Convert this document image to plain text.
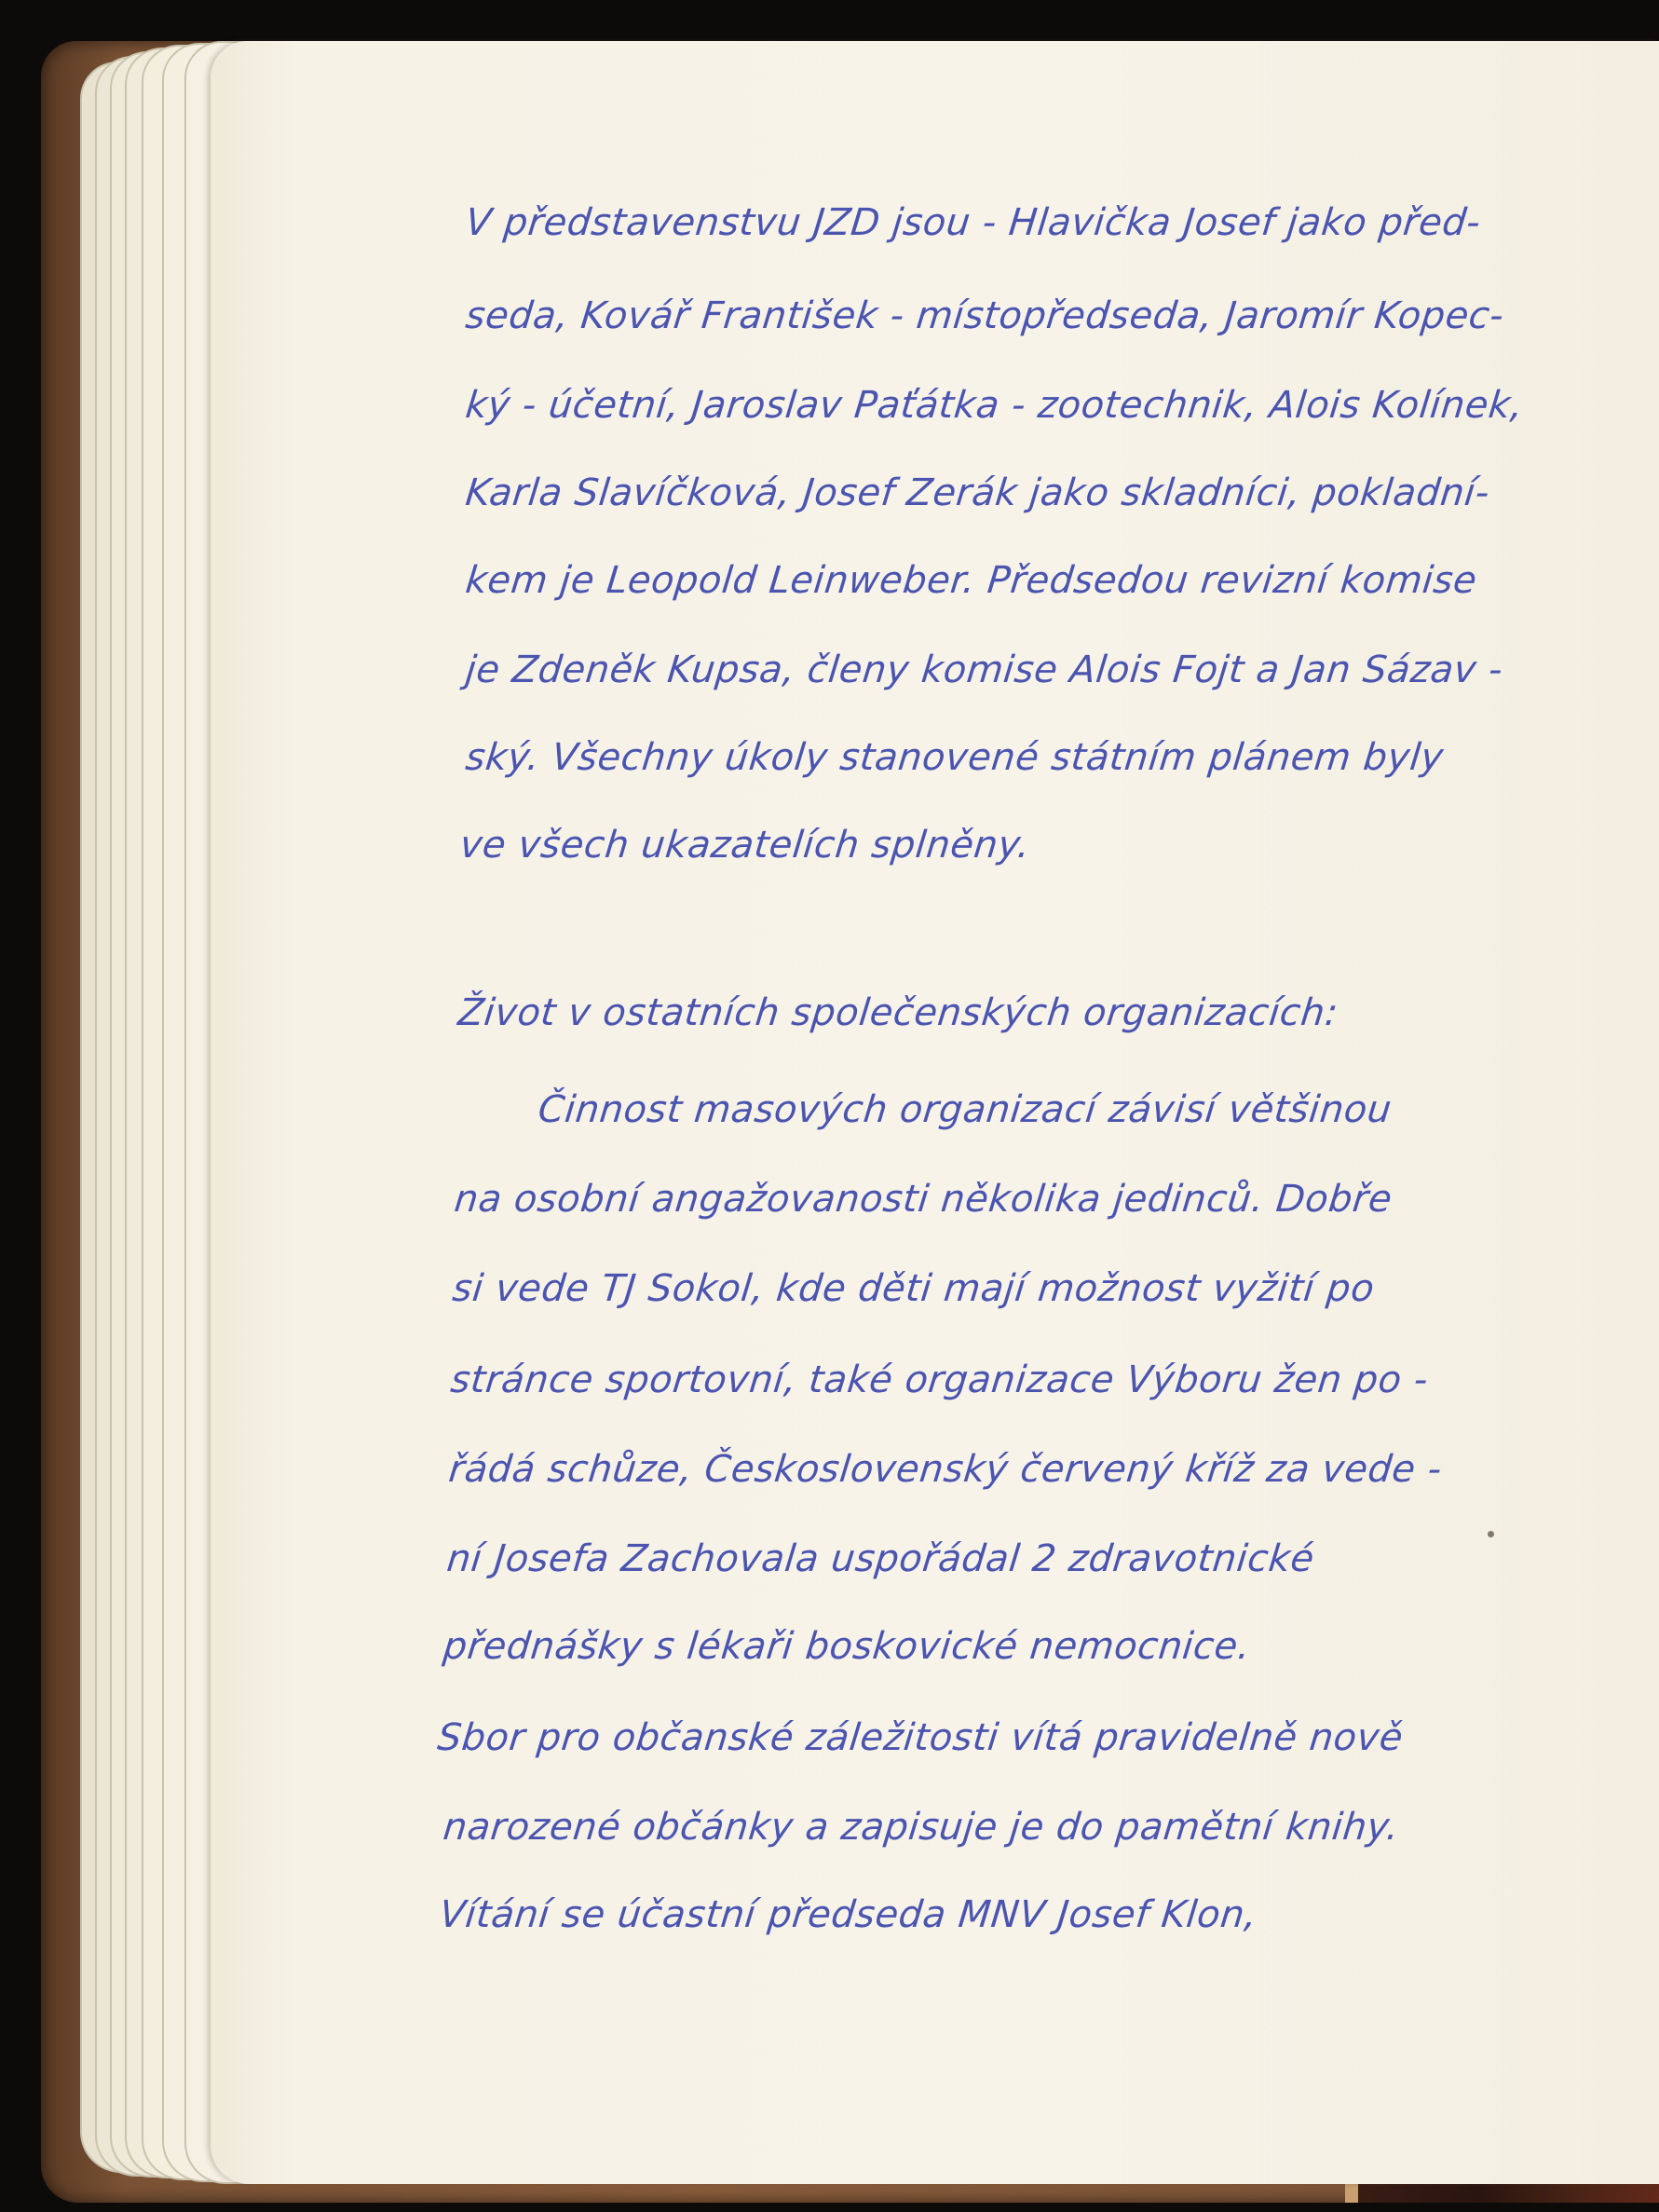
V představenstvu JZD jsou - Hlavička Josef jako před-
seda, Kovář František - místopředseda, Jaromír Kopec-
ký - účetní, Jaroslav Paťátka - zootechnik, Alois Kolínek,
Karla Slavíčková, Josef Zerák jako skladníci, pokladní-
kem je Leopold Leinweber. Předsedou revizní komise
je Zdeněk Kupsa, členy komise Alois Fojt a Jan Sázav -
ský. Všechny úkoly stanovené státním plánem byly
ve všech ukazatelích splněny.
Život v ostatních společenských organizacích:
Činnost masových organizací závisí většinou
na osobní angažovanosti několika jedinců. Dobře
si vede TJ Sokol, kde děti mají možnost vyžití po
stránce sportovní, také organizace Výboru žen po -
řádá schůze, Československý červený kříž za vede -
ní Josefa Zachovala uspořádal 2 zdravotnické
přednášky s lékaři boskovické nemocnice.
Sbor pro občanské záležitosti vítá pravidelně nově
narozené občánky a zapisuje je do pamětní knihy.
Vítání se účastní předseda MNV Josef Klon,
